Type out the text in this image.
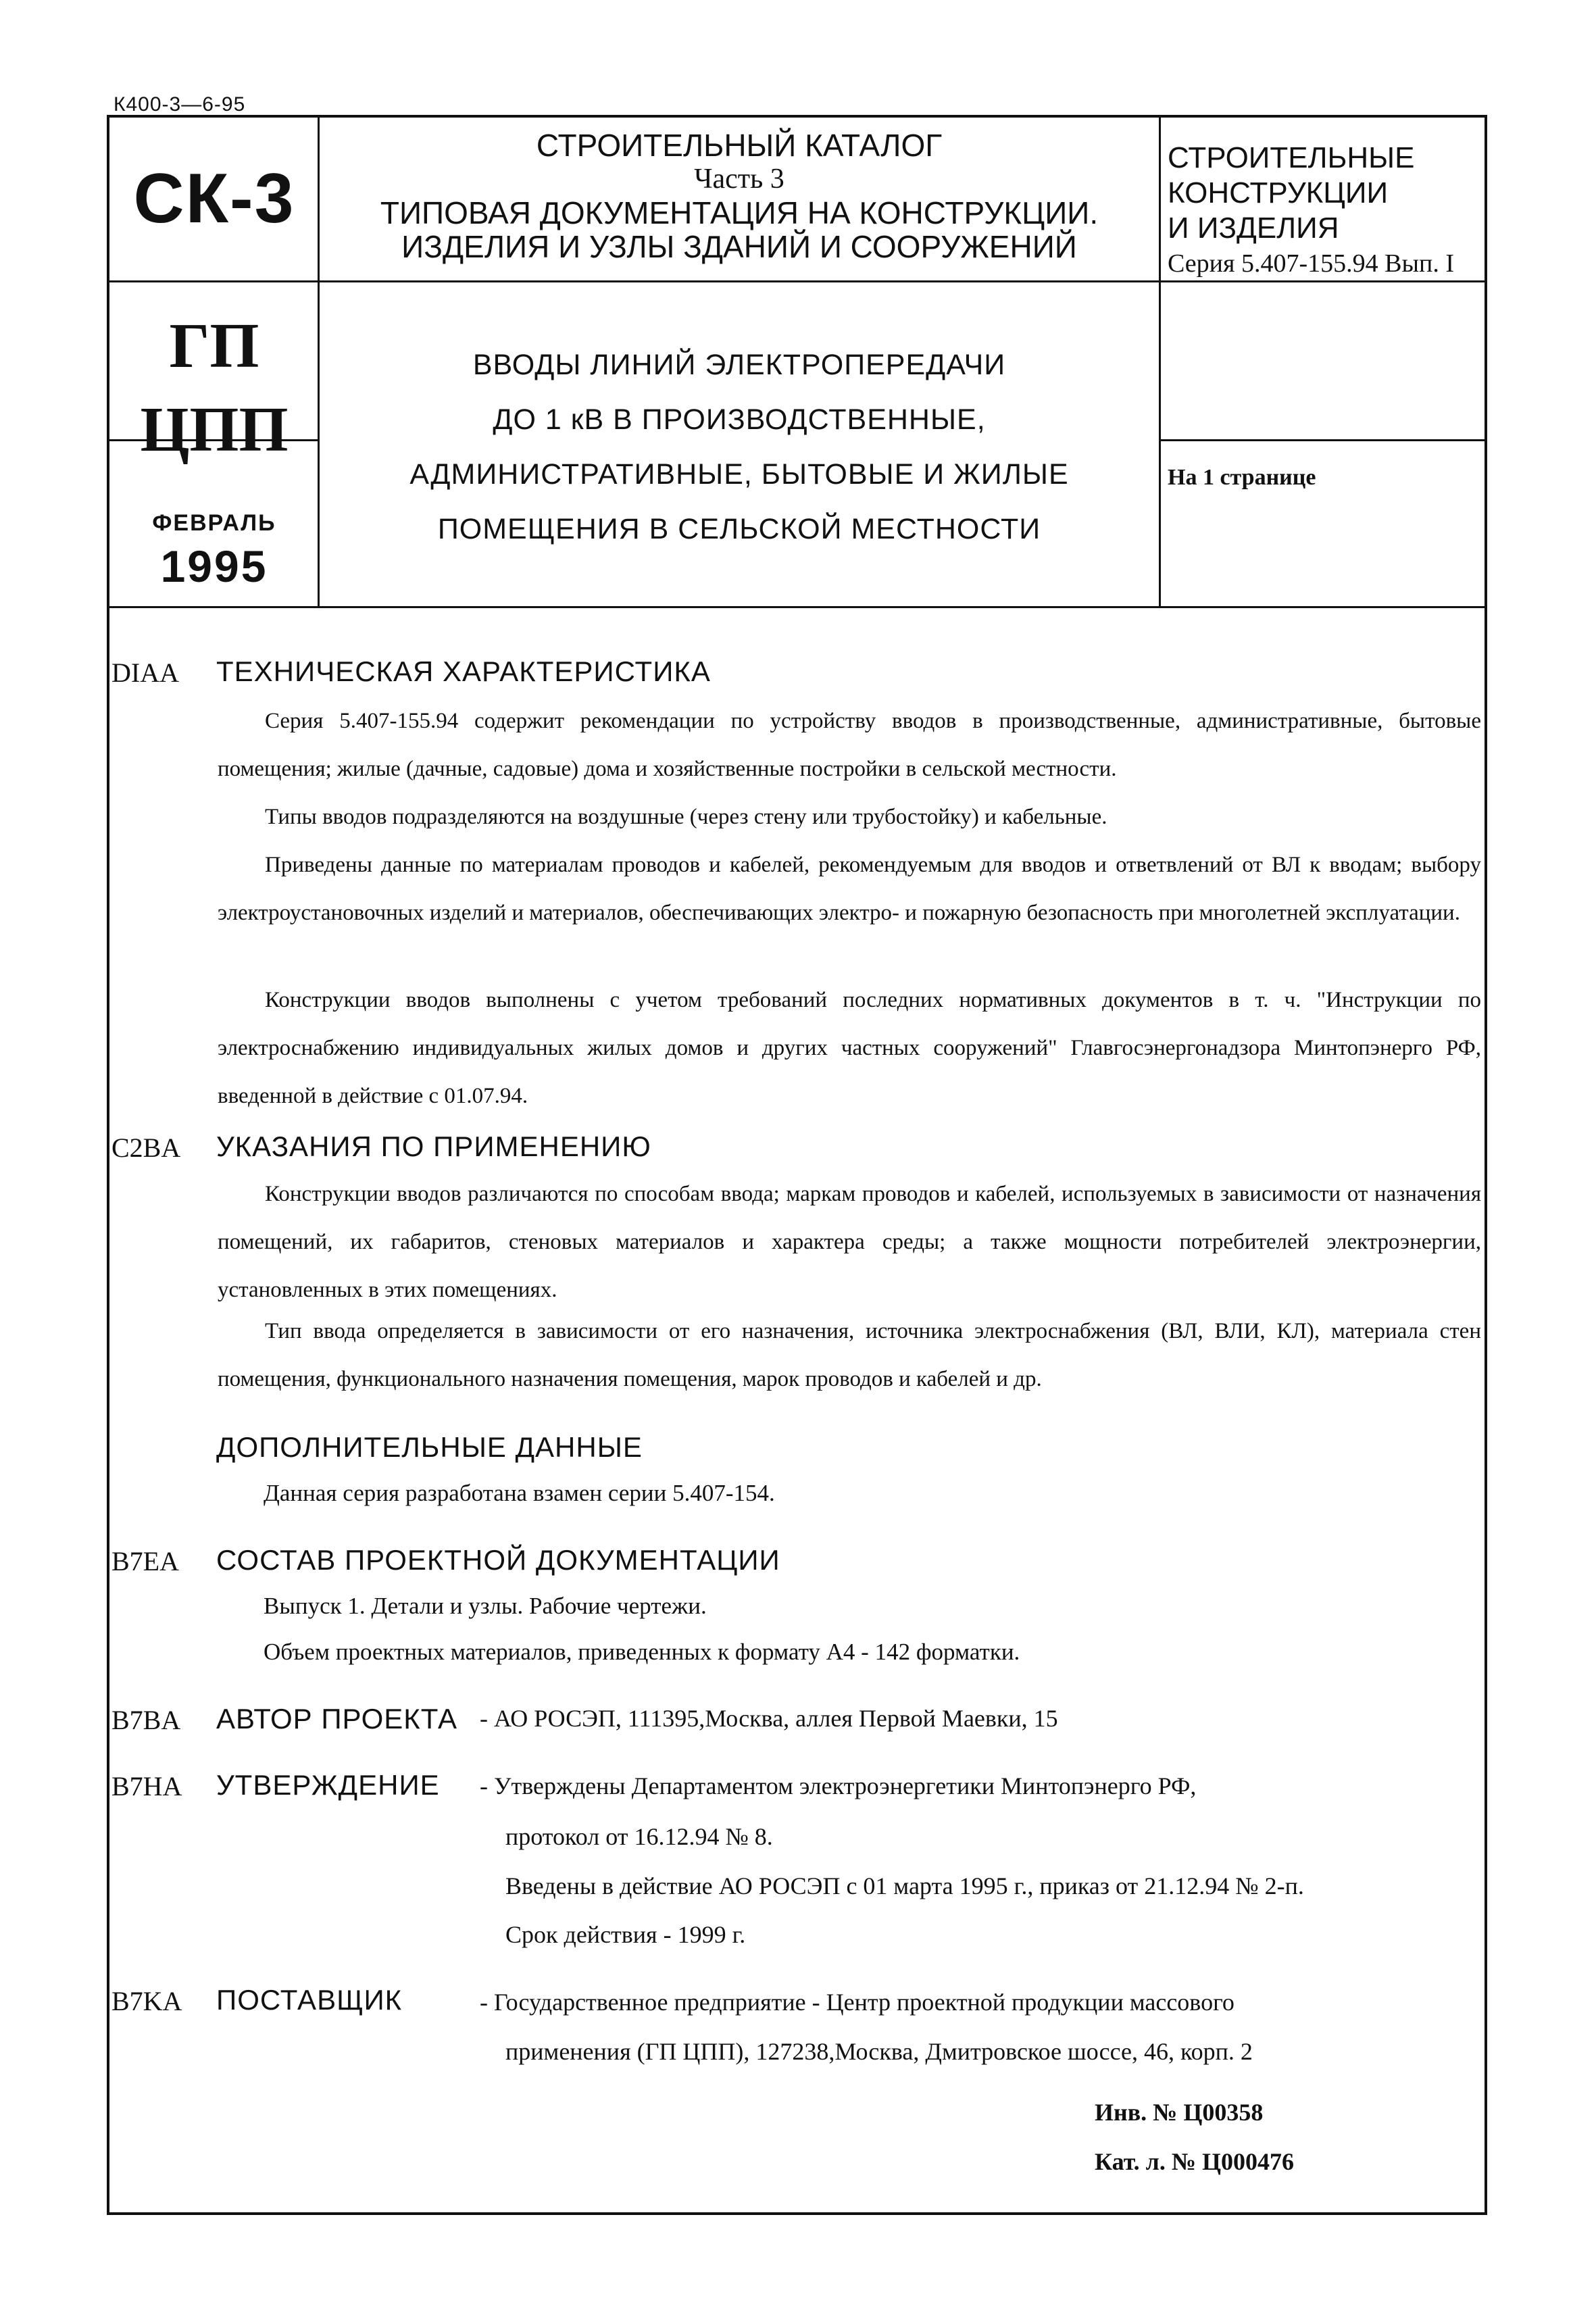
К400-3—6-95
СК-3
СТРОИТЕЛЬНЫЙ КАТАЛОГ
Часть 3
ТИПОВАЯ ДОКУМЕНТАЦИЯ НА КОНСТРУКЦИИ.
ИЗДЕЛИЯ И УЗЛЫ ЗДАНИЙ И СООРУЖЕНИЙ
СТРОИТЕЛЬНЫЕ
КОНСТРУКЦИИ
И ИЗДЕЛИЯ
Серия 5.407-155.94 Вып. I
ГП
ЦПП
ФЕВРАЛЬ
1995
ВВОДЫ ЛИНИЙ ЭЛЕКТРОПЕРЕДАЧИ
ДО 1 кВ В ПРОИЗВОДСТВЕННЫЕ,
АДМИНИСТРАТИВНЫЕ, БЫТОВЫЕ И ЖИЛЫЕ
ПОМЕЩЕНИЯ В СЕЛЬСКОЙ МЕСТНОСТИ
На 1 странице
DIAA ТЕХНИЧЕСКАЯ ХАРАКТЕРИСТИКА
Серия 5.407-155.94 содержит рекомендации по устройству вводов в производственные, административные, бытовые помещения; жилые (дачные, садовые) дома и хозяйственные постройки в сельской местности.
Типы вводов подразделяются на воздушные (через стену или трубостойку) и кабельные.
Приведены данные по материалам проводов и кабелей, рекомендуемым для вводов и ответвлений от ВЛ к вводам; выбору электроустановочных изделий и материалов, обеспечивающих электро- и пожарную безопасность при многолетней эксплуатации.
Конструкции вводов выполнены с учетом требований последних нормативных документов в т. ч. "Инструкции по электроснабжению индивидуальных жилых домов и других частных сооружений" Главгосэнергонадзора Минтопэнерго РФ, введенной в действие с 01.07.94.
C2BA УКАЗАНИЯ ПО ПРИМЕНЕНИЮ
Конструкции вводов различаются по способам ввода; маркам проводов и кабелей, используемых в зависимости от назначения помещений, их габаритов, стеновых материалов и характера среды; а также мощности потребителей электроэнергии, установленных в этих помещениях.
Тип ввода определяется в зависимости от его назначения, источника электроснабжения (ВЛ, ВЛИ, КЛ), материала стен помещения, функционального назначения помещения, марок проводов и кабелей и др.
ДОПОЛНИТЕЛЬНЫЕ ДАННЫЕ
Данная серия разработана взамен серии 5.407-154.
B7EA СОСТАВ ПРОЕКТНОЙ ДОКУМЕНТАЦИИ
Выпуск 1. Детали и узлы. Рабочие чертежи.
Объем проектных материалов, приведенных к формату А4 - 142 форматки.
B7BA АВТОР ПРОЕКТА - АО РОСЭП, 111395,Москва, аллея Первой Маевки, 15
B7HA УТВЕРЖДЕНИЕ - Утверждены Департаментом электроэнергетики Минтопэнерго РФ,
протокол от 16.12.94 № 8.
Введены в действие АО РОСЭП с 01 марта 1995 г., приказ от 21.12.94 № 2-п.
Срок действия - 1999 г.
B7KA ПОСТАВЩИК	- Государственное предприятие - Центр проектной продукции массового
применения (ГП ЦПП), 127238,Москва, Дмитровское шоссе, 46, корп. 2
Инв. № Ц00358
Кат. л. № Ц000476
